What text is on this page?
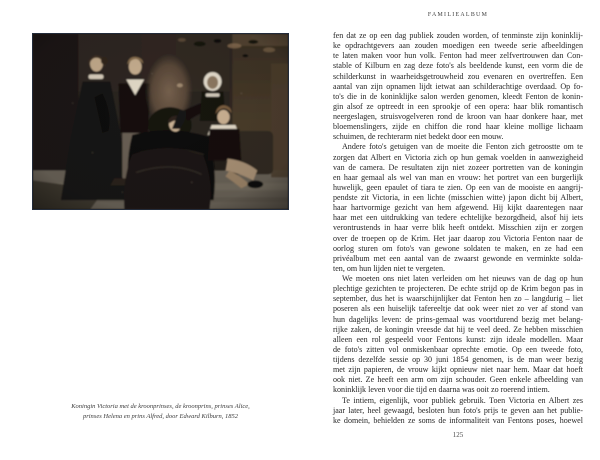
Koningin Victoria met de kroonprinses, de kroonprins, prinses Alice,
prinses Helena en prins Alfred, door Edward Kilburn, 1852
FAMILIEALBUM
fen dat ze op een dag publiek zouden worden, of tenminste zijn koninklij-
ke opdrachtgevers aan zouden moedigen een tweede serie afbeeldingen
te laten maken voor hun volk. Fenton had meer zelfvertrouwen dan Con-
stable of Kilburn en zag deze foto's als beeldende kunst, een vorm die de
schilderkunst in waarheidsgetrouwheid zou evenaren en overtreffen. Een
aantal van zijn opnamen lijdt ietwat aan schilderachtige overdaad. Op fo-
to's die in de koninklijke salon werden genomen, kleedt Fenton de konin-
gin alsof ze optreedt in een sprookje of een opera: haar blik romantisch
neergeslagen, struisvogelveren rond de kroon van haar donkere haar, met
bloemenslingers, zijde en chiffon die rond haar kleine mollige lichaam
schuimen, de rechterarm niet bedekt door een mouw.
Andere foto's getuigen van de moeite die Fenton zich getroostte om te
zorgen dat Albert en Victoria zich op hun gemak voelden in aanwezigheid
van de camera. De resultaten zijn niet zozeer portretten van de koningin
en haar gemaal als wel van man en vrouw: het portret van een burgerlijk
huwelijk, geen epaulet of tiara te zien. Op een van de mooiste en aangrij-
pendste zit Victoria, in een lichte (misschien witte) japon dicht bij Albert,
haar hartvormige gezicht van hem afgewend. Hij kijkt daarentegen naar
haar met een uitdrukking van tedere echtelijke bezorgdheid, alsof hij iets
verontrustends in haar verre blik heeft ontdekt. Misschien zijn er zorgen
over de troepen op de Krim. Het jaar daarop zou Victoria Fenton naar de
oorlog sturen om foto's van gewone soldaten te maken, en ze had een
privéalbum met een aantal van de zwaarst gewonde en verminkte solda-
ten, om hun lijden niet te vergeten.
We moeten ons niet laten verleiden om het nieuws van de dag op hun
plechtige gezichten te projecteren. De echte strijd op de Krim begon pas in
september, dus het is waarschijnlijker dat Fenton hen zo – langdurig – liet
poseren als een huiselijk tafereeltje dat ook weer niet zo ver af stond van
hun dagelijks leven: de prins-gemaal was voortdurend bezig met belang-
rijke zaken, de koningin vreesde dat hij te veel deed. Ze hebben misschien
alleen een rol gespeeld voor Fentons kunst: zijn ideale modellen. Maar
de foto's zitten vol onmiskenbaar oprechte emotie. Op een tweede foto,
tijdens dezelfde sessie op 30 juni 1854 genomen, is de man weer bezig
met zijn papieren, de vrouw kijkt opnieuw niet naar hem. Maar dat hoeft
ook niet. Ze heeft een arm om zijn schouder. Geen enkele afbeelding van
koninklijk leven voor die tijd en daarna was ooit zo roerend intiem.
Te intiem, eigenlijk, voor publiek gebruik. Toen Victoria en Albert zes
jaar later, heel gewaagd, besloten hun foto's prijs te geven aan het publie-
ke domein, behielden ze soms de informaliteit van Fentons poses, hoewel
125
